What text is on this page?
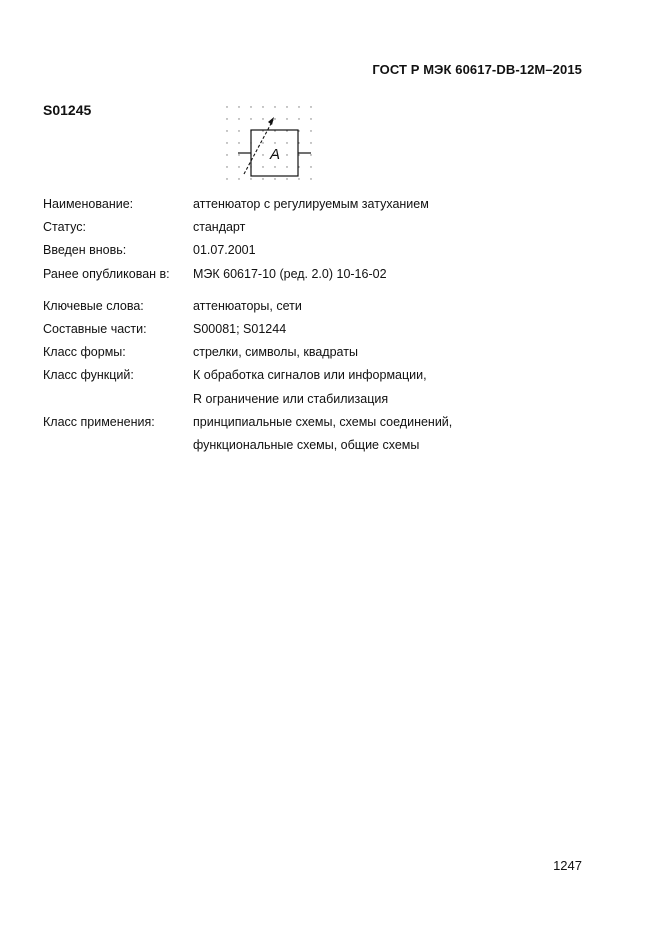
ГОСТ Р МЭК 60617-DB-12M–2015
S01245
A
Наименование:	аттенюатор с регулируемым затуханием
Статус:	стандарт
Введен вновь:	01.07.2001
Ранее опубликован в: МЭК 60617-10 (ред. 2.0) 10-16-02
Ключевые слова:	аттенюаторы, сети
Составные части:	S00081; S01244
Класс формы:	стрелки, символы, квадраты
Класс функций:	К обработка сигналов или информации,
R ограничение или стабилизация
Класс применения:	принципиальные схемы, схемы соединений,
функциональные схемы, общие схемы
1247
